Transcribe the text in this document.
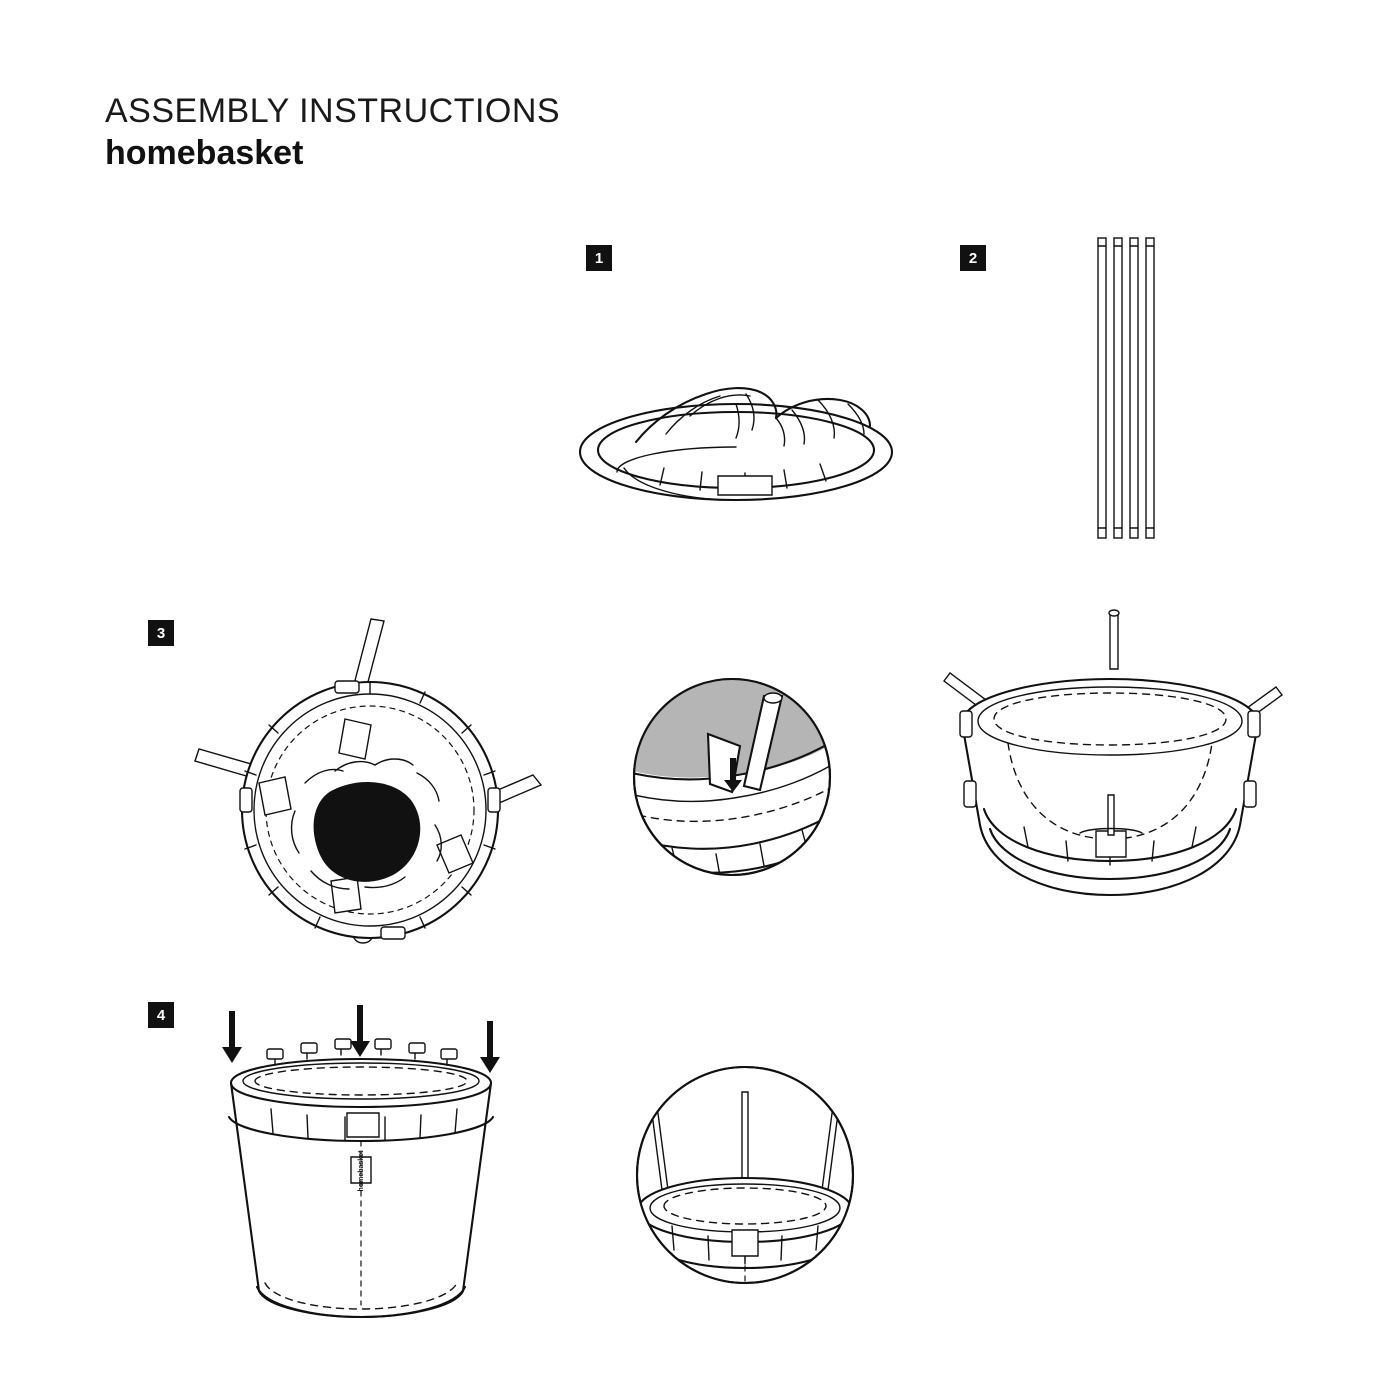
ASSEMBLY INSTRUCTIONS
homebasket
1	2
3
4
homebasket
